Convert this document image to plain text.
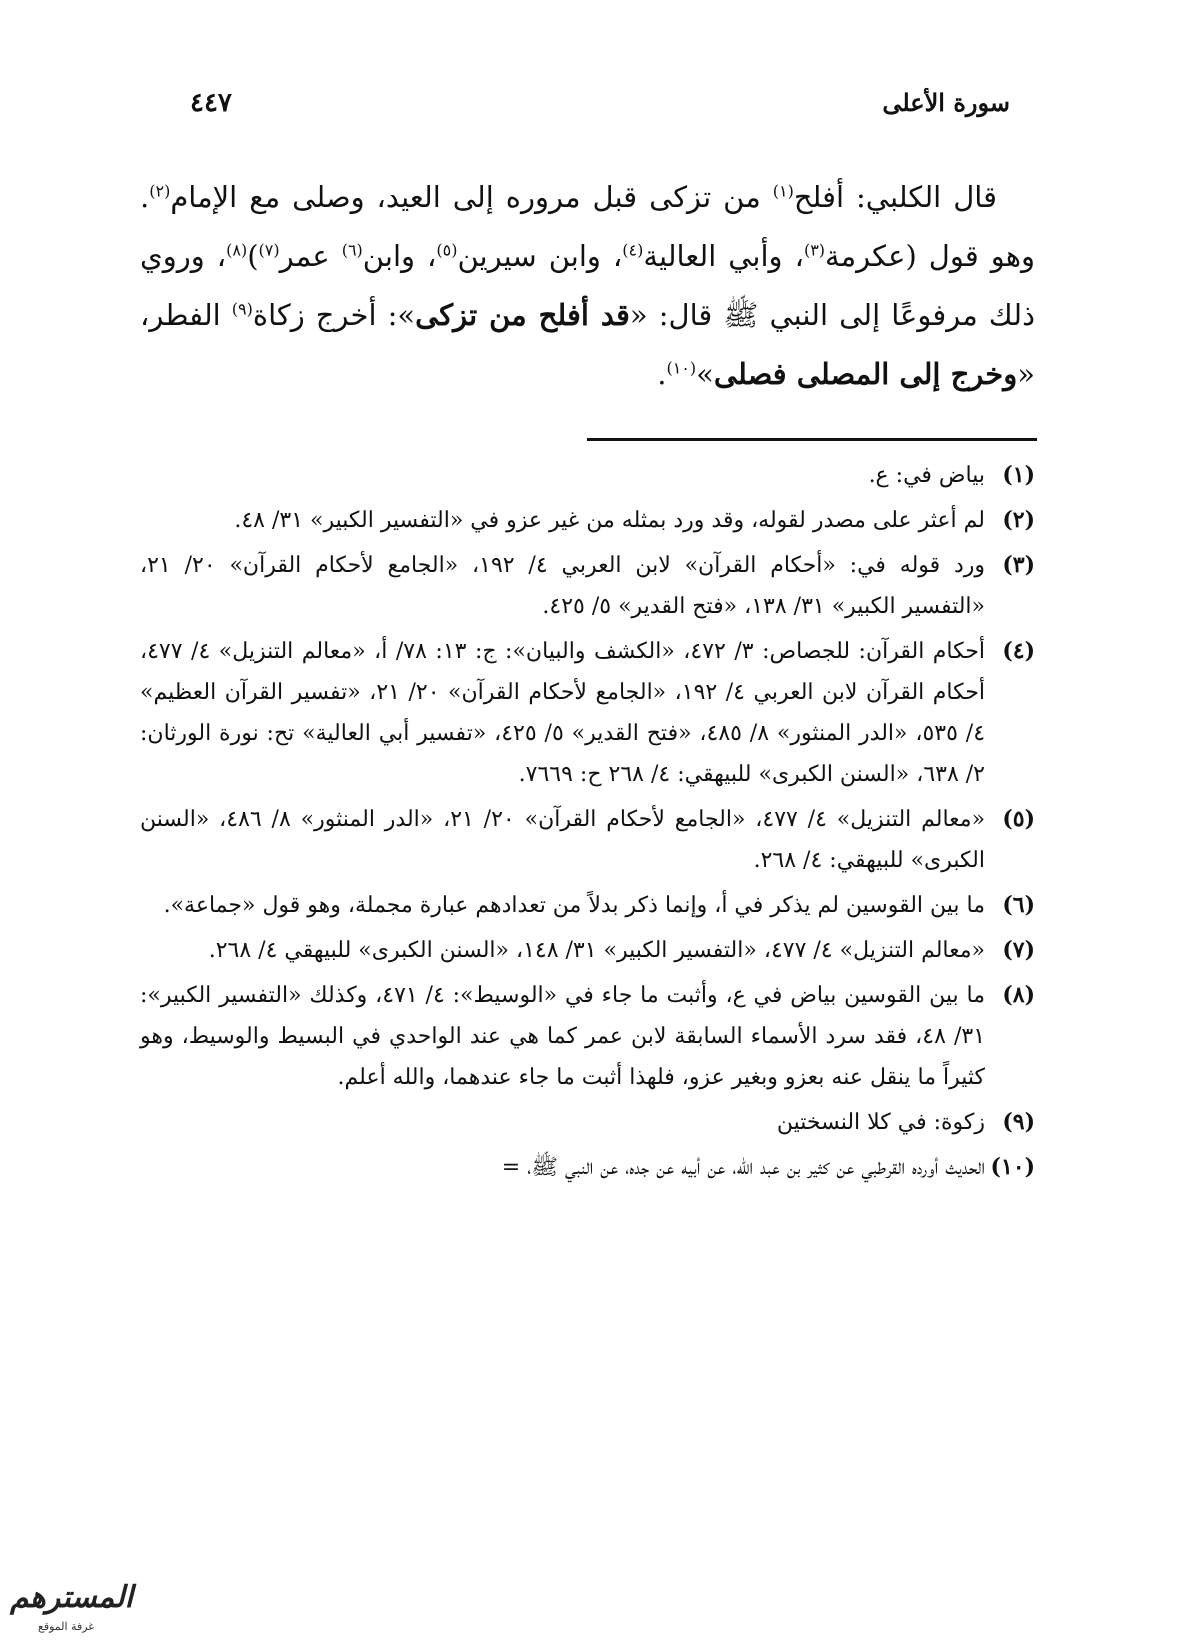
سورة الأعلى
٤٤٧

قال الكلبي: أفلح$^{(١)}$ من تزكى قبل مروره إلى العيد، وصلى مع الإمام$^{(٢)}$. وهو قول (عكرمة$^{(٣)}$، وأبي العالية$^{(٤)}$، وابن سيرين$^{(٥)}$، وابن$^{(٦)}$ عمر$^{(٧)}$)$^{(٨)}$، وروي ذلك مرفوعًا إلى النبي ﷺ قال: «قد أفلح من تزكى»: أخرج زكاة$^{(٩)}$ الفطر، «وخرج إلى المصلى فصلى»$^{(١٠)}$.

(١)
بياض في: ع.
(٢)
لم أعثر على مصدر لقوله، وقد ورد بمثله من غير عزو في «التفسير الكبير» ٣١/ ٤٨.
(٣)
ورد قوله في: «أحكام القرآن» لابن العربي ٤/ ١٩٢، «الجامع لأحكام القرآن» ٢٠/ ٢١، «التفسير الكبير» ٣١/ ١٣٨، «فتح القدير» ٥/ ٤٢٥.
(٤)
أحكام القرآن: للجصاص: ٣/ ٤٧٢، «الكشف والبيان»: ج: ١٣: ٧٨/ أ، «معالم التنزيل» ٤/ ٤٧٧، أحكام القرآن لابن العربي ٤/ ١٩٢، «الجامع لأحكام القرآن» ٢٠/ ٢١، «تفسير القرآن العظيم» ٤/ ٥٣٥، «الدر المنثور» ٨/ ٤٨٥، «فتح القدير» ٥/ ٤٢٥، «تفسير أبي العالية» تح: نورة الورثان: ٢/ ٦٣٨، «السنن الكبرى» للبيهقي: ٤/ ٢٦٨ ح: ٧٦٦٩.
(٥)
«معالم التنزيل» ٤/ ٤٧٧، «الجامع لأحكام القرآن» ٢٠/ ٢١، «الدر المنثور» ٨/ ٤٨٦، «السنن الكبرى» للبيهقي: ٤/ ٢٦٨.
(٦)
ما بين القوسين لم يذكر في أ، وإنما ذكر بدلاً من تعدادهم عبارة مجملة، وهو قول «جماعة».
(٧)
«معالم التنزيل» ٤/ ٤٧٧، «التفسير الكبير» ٣١/ ١٤٨، «السنن الكبرى» للبيهقي ٤/ ٢٦٨.
(٨)
ما بين القوسين بياض في ع، وأثبت ما جاء في «الوسيط»: ٤/ ٤٧١، وكذلك «التفسير الكبير»: ٣١/ ٤٨، فقد سرد الأسماء السابقة لابن عمر كما هي عند الواحدي في البسيط والوسيط، وهو كثيراً ما ينقل عنه بعزو وبغير عزو، فلهذا أثبت ما جاء عندهما، والله أعلم.
(٩)
زكوة: في كلا النسختين
(١٠)
الحديث أورده القرطبي عن كثير بن عبد الله، عن أبيه عن جده، عن النبي ﷺ، =
المسترهم
غرفة الموقع
